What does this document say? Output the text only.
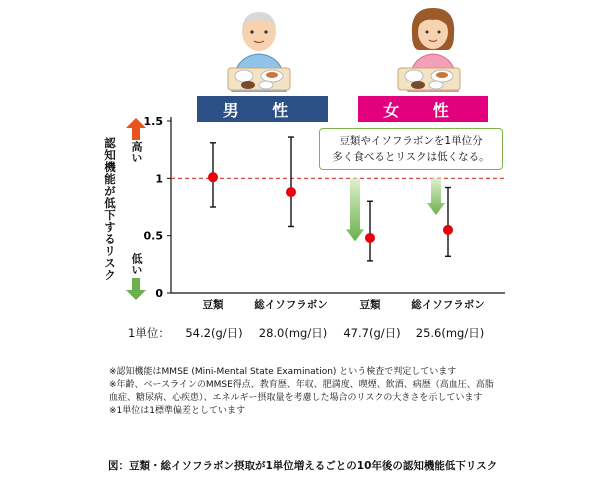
男 性	女 性
認知機能が低下するリスク 高い
低い
0
0.5
1
1.5
豆類やイソフラボンを1単位分
多く食べるとリスクは低くなる。
豆類	総イソフラボン	豆類	総イソフラボン
1単位： 54.2(g/日) 28.0(mg/日) 47.7(g/日) 25.6(mg/日)
※認知機能はMMSE (Mini-Mental State Examination) という検査で判定しています
※年齢、ベースラインのMMSE得点、教育歴、年収、肥満度、喫煙、飲酒、病歴（高血圧、高脂血症、糖尿病、心疾患）、エネルギー摂取量を考慮した場合のリスクの大きさを示しています
※1単位は1標準偏差としています
図：豆類・総イソフラボン摂取が1単位増えるごとの10年後の認知機能低下リスク
